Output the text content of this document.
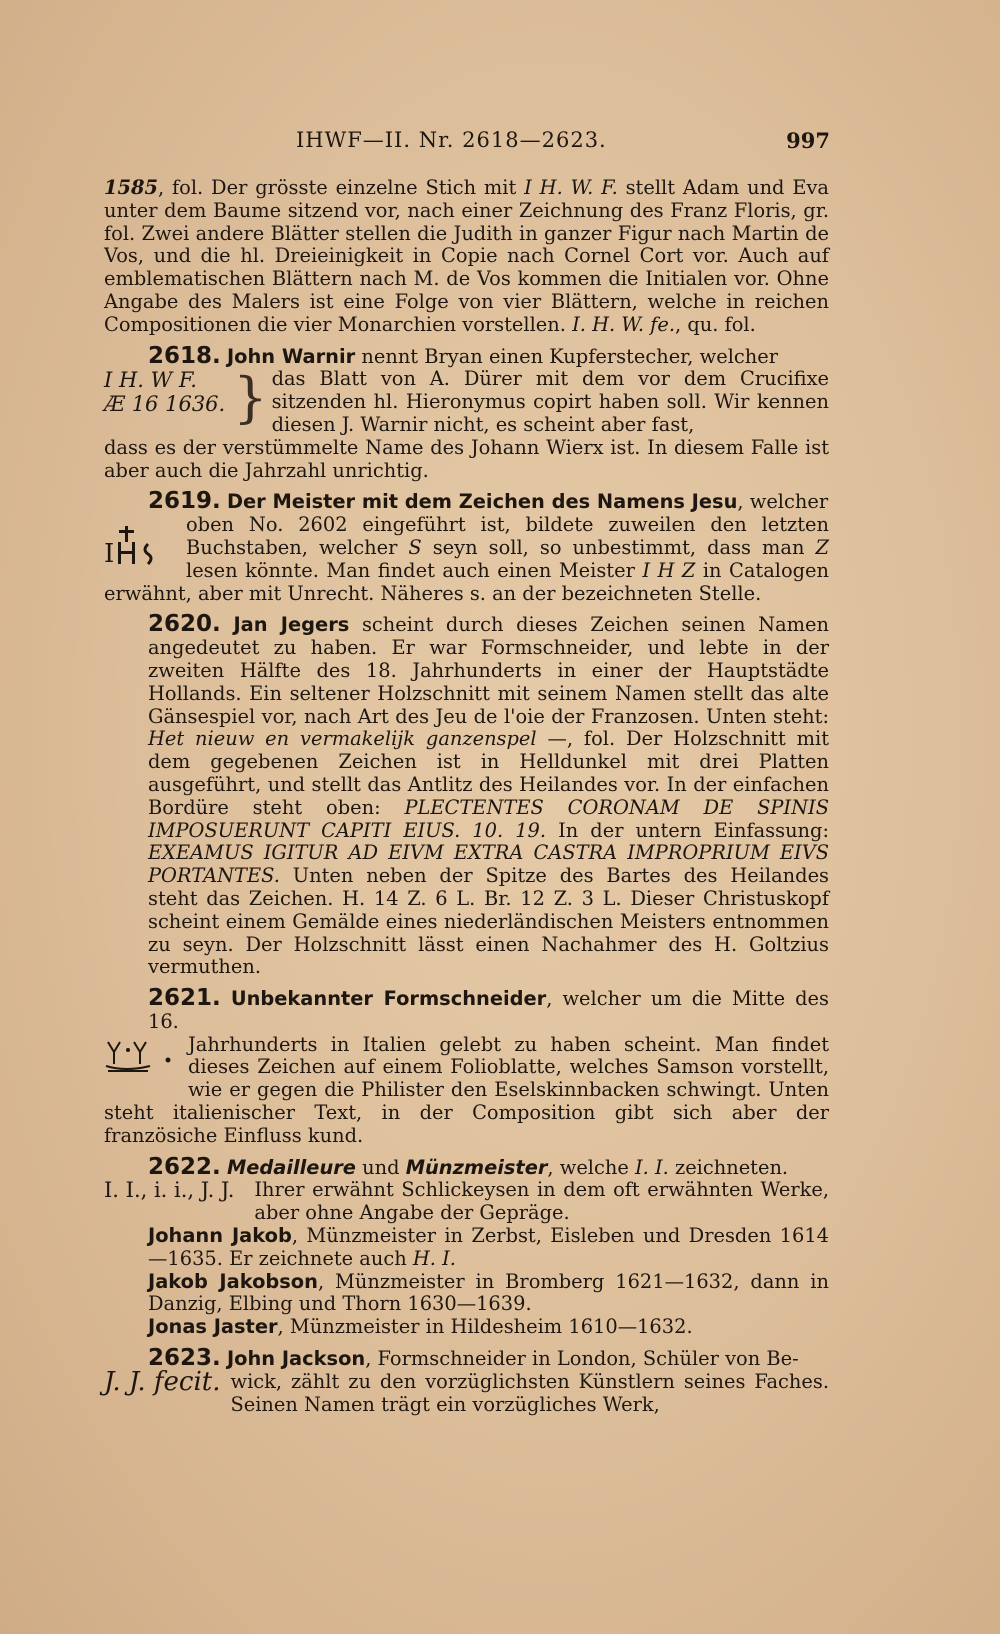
IHWF—II. Nr. 2618—2623.	997

1585, fol. Der grösste einzelne Stich mit I H. W. F. stellt Adam und Eva unter dem Baume sitzend vor, nach einer Zeichnung des Franz Floris, gr. fol. Zwei andere Blätter stellen die Judith in ganzer Figur nach Martin de Vos, und die hl. Dreieinigkeit in Copie nach Cornel Cort vor. Auch auf emblematischen Blättern nach M. de Vos kommen die Initialen vor. Ohne Angabe des Malers ist eine Folge von vier Blättern, welche in reichen Compositionen die vier Monarchien vorstellen. I. H. W. fe., qu. fol.

2618. John Warnir nennt Bryan einen Kupferstecher, welcher

I H. W F.
Æ 16 1636. } das Blatt von A. Dürer mit dem vor dem Crucifixe sitzenden hl. Hieronymus copirt haben soll. Wir kennen diesen J. Warnir nicht, es scheint aber fast,

dass es der verstümmelte Name des Johann Wierx ist. In diesem Falle ist aber auch die Jahrzahl unrichtig.

2619. Der Meister mit dem Zeichen des Namens Jesu, welcher

I
oben No. 2602 eingeführt ist, bildete zuweilen den letzten Buchstaben, welcher S seyn soll, so unbestimmt, dass man Z lesen könnte. Man findet auch einen Meister I H Z in Catalogen erwähnt, aber mit Unrecht. Näheres s. an der bezeichneten Stelle.

2620. Jan Jegers scheint durch dieses Zeichen seinen Namen angedeutet zu haben. Er war Formschneider, und lebte in der zweiten Hälfte des 18. Jahrhunderts in einer der Hauptstädte Hollands. Ein seltener Holzschnitt mit seinem Namen stellt das alte Gänsespiel vor, nach Art des Jeu de l'oie der Franzosen. Unten steht: Het nieuw en vermakelijk ganzenspel —, fol. Der Holzschnitt mit dem gegebenen Zeichen ist in Helldunkel mit drei Platten ausgeführt, und stellt das Antlitz des Heilandes vor. In der einfachen Bordüre steht oben: PLECTENTES CORONAM DE SPINIS IMPOSUERUNT CAPITI EIUS. 10. 19. In der untern Einfassung: EXEAMUS IGITUR AD EIVM EXTRA CASTRA IMPROPRIUM EIVS PORTANTES. Unten neben der Spitze des Bartes des Heilandes steht das Zeichen. H. 14 Z. 6 L. Br. 12 Z. 3 L. Dieser Christuskopf scheint einem Gemälde eines niederländischen Meisters entnommen zu seyn. Der Holzschnitt lässt einen Nachahmer des H. Goltzius vermuthen.

2621. Unbekannter Formschneider, welcher um die Mitte des 16.

Jahrhunderts in Italien gelebt zu haben scheint. Man findet dieses Zeichen auf einem Folioblatte, welches Samson vorstellt, wie er gegen die Philister den Eselskinnbacken schwingt. Unten steht italienischer Text, in der Composition gibt sich aber der französiche Einfluss kund.

2622. Medailleure und Münzmeister, welche I. I. zeichneten.

I. I., i. i., J. J. Ihrer erwähnt Schlickeysen in dem oft erwähnten Werke, aber ohne Angabe der Gepräge.

Johann Jakob, Münzmeister in Zerbst, Eisleben und Dresden 1614—1635. Er zeichnete auch H. I.

Jakob Jakobson, Münzmeister in Bromberg 1621—1632, dann in Danzig, Elbing und Thorn 1630—1639.

Jonas Jaster, Münzmeister in Hildesheim 1610—1632.

2623. John Jackson, Formschneider in London, Schüler von Be-

J. J. fecit. wick, zählt zu den vorzüglichsten Künstlern seines Faches. Seinen Namen trägt ein vorzügliches Werk,
